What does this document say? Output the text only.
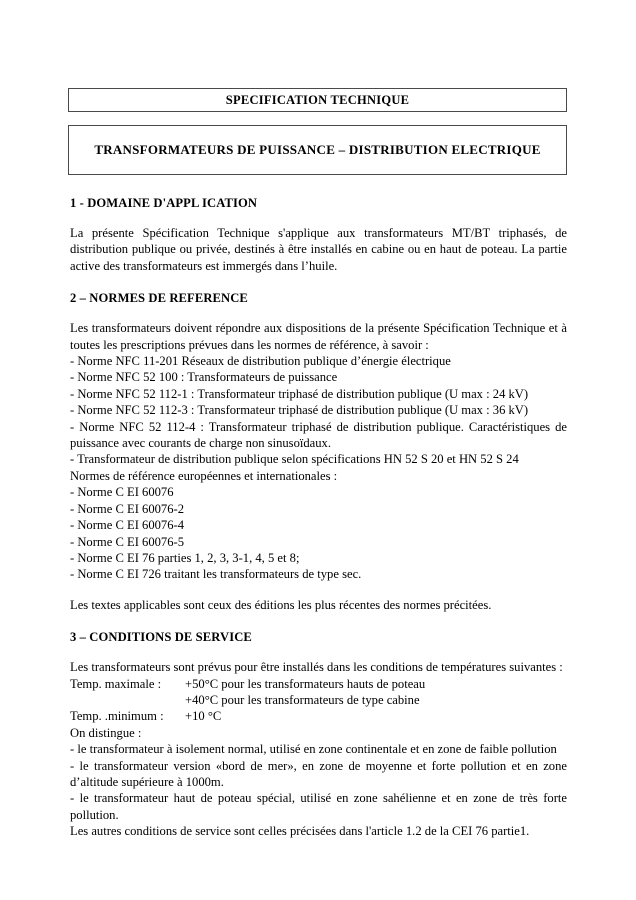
SPECIFICATION TECHNIQUE
TRANSFORMATEURS DE PUISSANCE – DISTRIBUTION ELECTRIQUE
1 - DOMAINE D'APPL ICATION

La présente Spécification Technique s'applique aux transformateurs MT/BT triphasés, de distribution publique ou privée, destinés à être installés en cabine ou en haut de poteau. La partie active des transformateurs est immergés dans l’huile.

2 – NORMES DE REFERENCE

Les transformateurs doivent répondre aux dispositions de la présente Spécification Technique et à toutes les prescriptions prévues dans les normes de référence, à savoir :

- Norme NFC 11-201 Réseaux de distribution publique d’énergie électrique
- Norme NFC 52 100 : Transformateurs de puissance
- Norme NFC 52 112-1 : Transformateur triphasé de distribution publique (U max : 24 kV)
- Norme NFC 52 112-3 : Transformateur triphasé de distribution publique (U max : 36 kV)

- Norme NFC 52 112-4 : Transformateur triphasé de distribution publique. Caractéristiques de puissance avec courants de charge non sinusoïdaux.

- Transformateur de distribution publique selon spécifications HN 52 S 20 et HN 52 S 24
Normes de référence européennes et internationales :
- Norme C EI 60076
- Norme C EI 60076-2
- Norme C EI 60076-4
- Norme C EI 60076-5
- Norme C EI 76 parties 1, 2, 3, 3-1, 4, 5 et 8;
- Norme C EI 726 traitant les transformateurs de type sec.

Les textes applicables sont ceux des éditions les plus récentes des normes précitées.

3 – CONDITIONS DE SERVICE

Les transformateurs sont prévus pour être installés dans les conditions de températures suivantes :

Temp. maximale :	+50°C pour les transformateurs hauts de poteau
+40°C pour les transformateurs de type cabine
Temp. .minimum :	+10 °C
On distingue :
- le transformateur à isolement normal, utilisé en zone continentale et en zone de faible pollution

- le transformateur version «bord de mer», en zone de moyenne et forte pollution et en zone d’altitude supérieure à 1000m.

- le transformateur haut de poteau spécial, utilisé en zone sahélienne et en zone de très forte pollution.

Les autres conditions de service sont celles précisées dans l'article 1.2 de la CEI 76 partie1.
